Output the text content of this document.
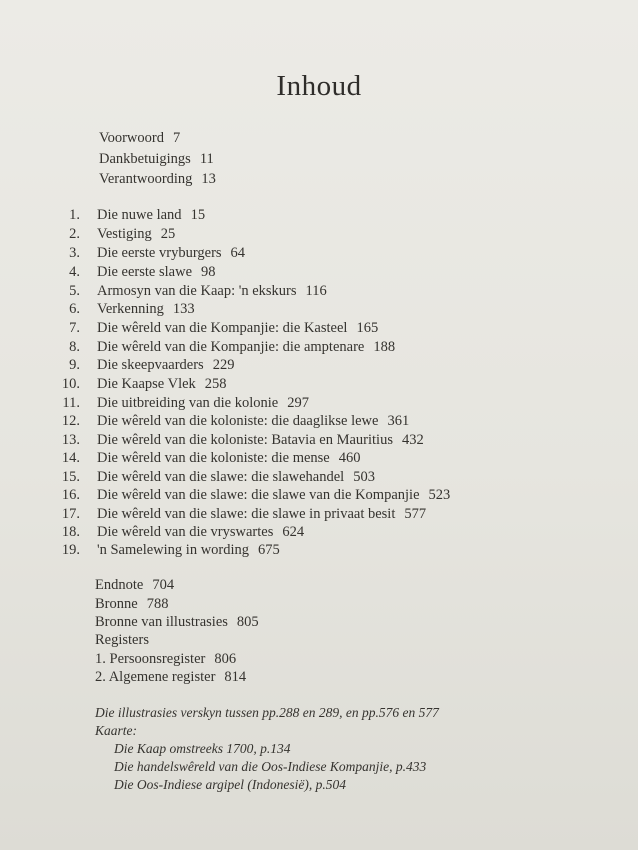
Inhoud
Voorwoord 7
Dankbetuigings 11
Verantwoording 13
1. Die nuwe land 15
2. Vestiging 25
3. Die eerste vryburgers 64
4. Die eerste slawe 98
5. Armosyn van die Kaap: 'n ekskurs 116
6. Verkenning 133
7. Die wêreld van die Kompanjie: die Kasteel 165
8. Die wêreld van die Kompanjie: die amptenare 188
9. Die skeepvaarders 229
10. Die Kaapse Vlek 258
11. Die uitbreiding van die kolonie 297
12. Die wêreld van die koloniste: die daaglikse lewe 361
13. Die wêreld van die koloniste: Batavia en Mauritius 432
14. Die wêreld van die koloniste: die mense 460
15. Die wêreld van die slawe: die slawehandel 503
16. Die wêreld van die slawe: die slawe van die Kompanjie 523
17. Die wêreld van die slawe: die slawe in privaat besit 577
18. Die wêreld van die vryswartes 624
19. 'n Samelewing in wording 675
Endnote 704
Bronne 788
Bronne van illustrasies 805
Registers
1. Persoonsregister 806
2. Algemene register 814
Die illustrasies verskyn tussen pp.288 en 289, en pp.576 en 577
Kaarte:
Die Kaap omstreeks 1700, p.134
Die handelswêreld van die Oos-Indiese Kompanjie, p.433
Die Oos-Indiese argipel (Indonesië), p.504
